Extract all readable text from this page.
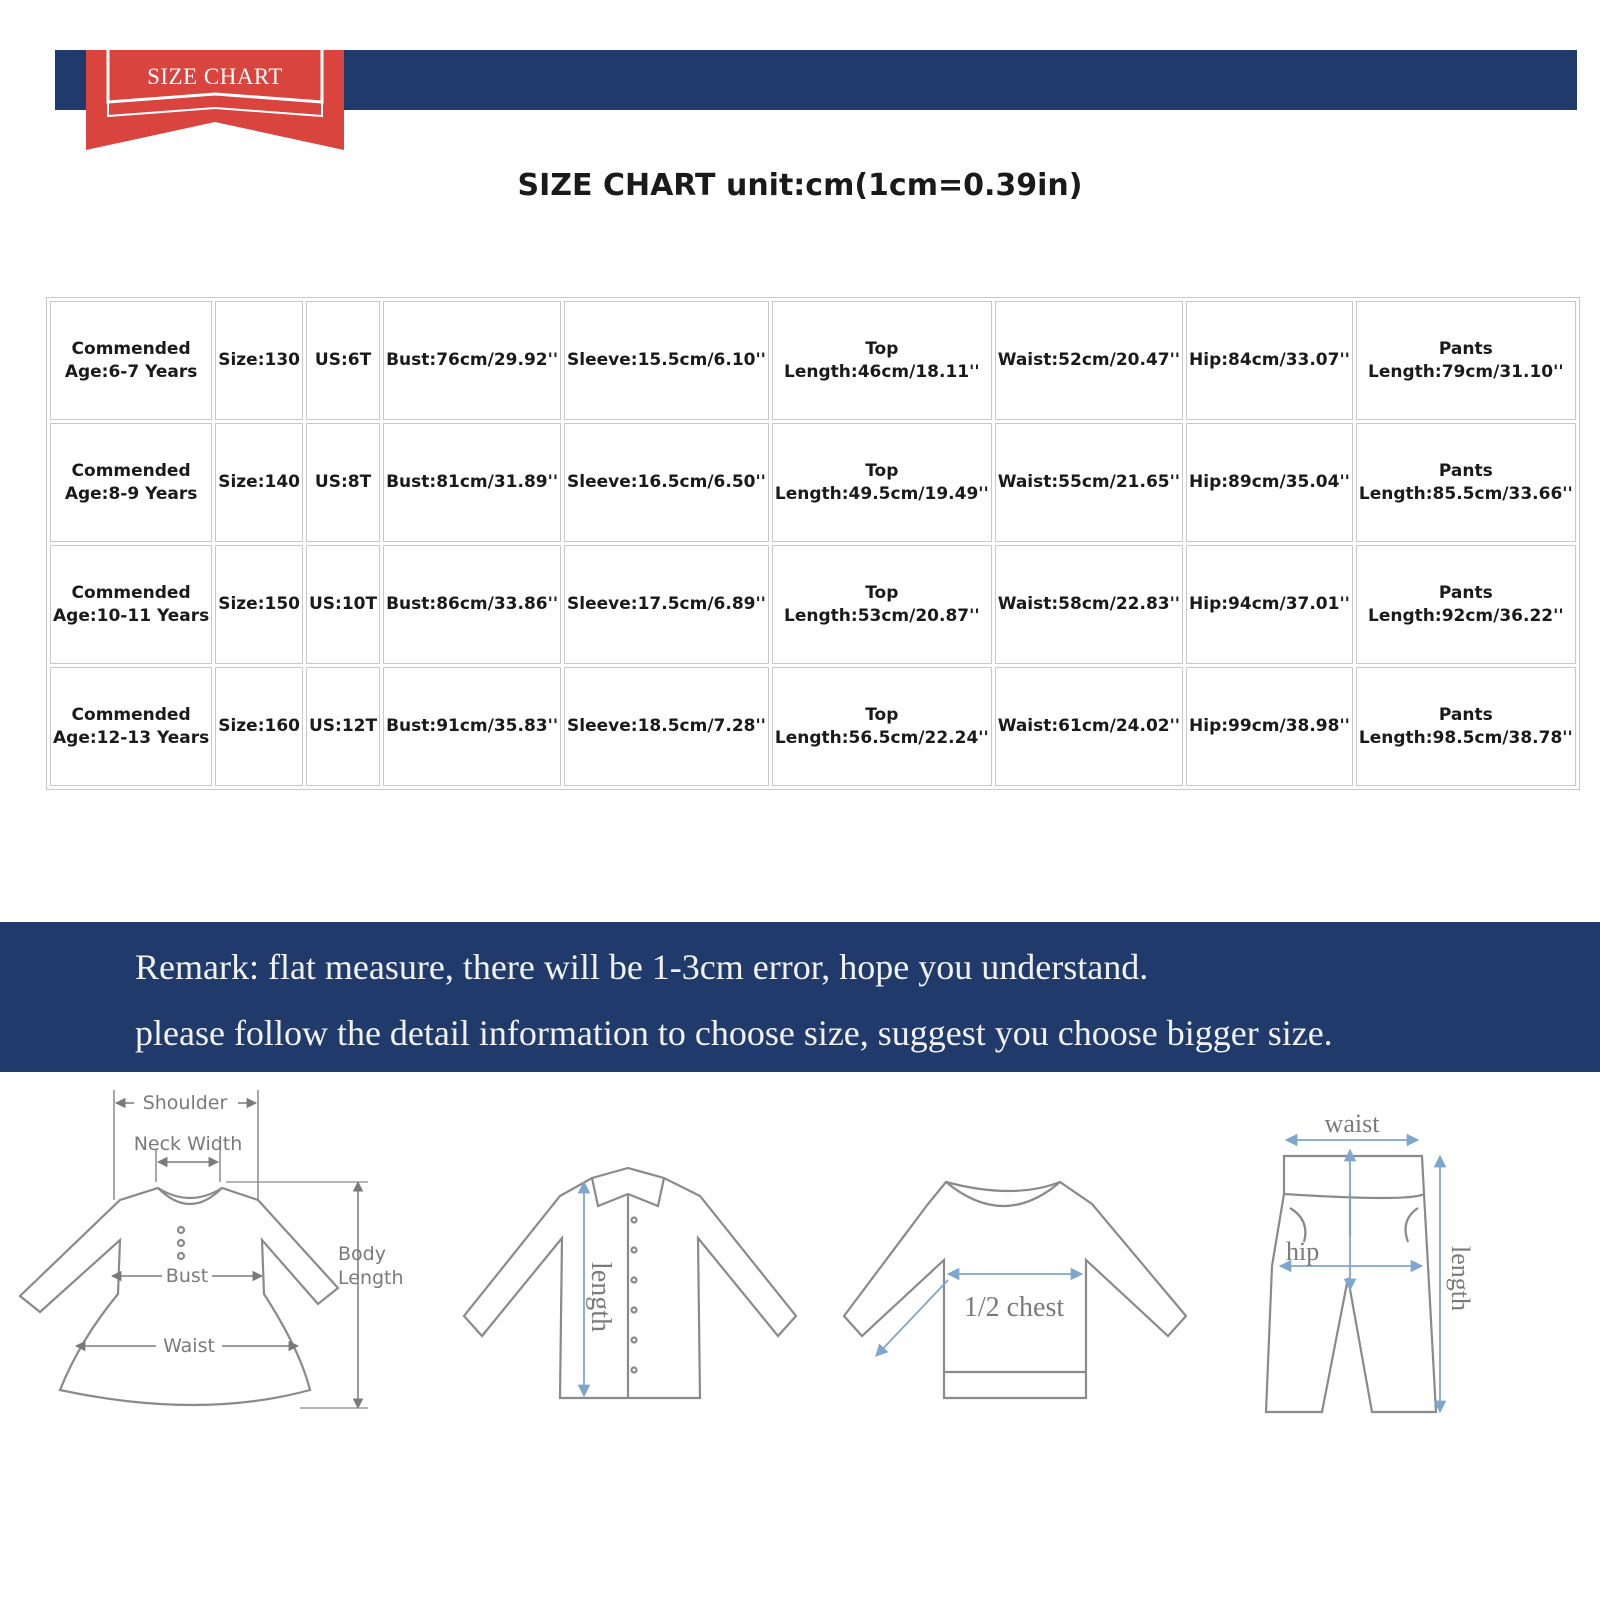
SIZE CHART
SIZE CHART unit:cm(1cm=0.39in)
Commended
Age:6-7 Years	Size:130	US:6T	Bust:76cm/29.92''	Sleeve:15.5cm/6.10''	Top
Length:46cm/18.11''	Waist:52cm/20.47''	Hip:84cm/33.07''	Pants
Length:79cm/31.10''
Commended
Age:8-9 Years	Size:140	US:8T	Bust:81cm/31.89''	Sleeve:16.5cm/6.50''	Top
Length:49.5cm/19.49''	Waist:55cm/21.65''	Hip:89cm/35.04''	Pants
Length:85.5cm/33.66''
Commended
Age:10-11 Years	Size:150	US:10T	Bust:86cm/33.86''	Sleeve:17.5cm/6.89''	Top
Length:53cm/20.87''	Waist:58cm/22.83''	Hip:94cm/37.01''	Pants
Length:92cm/36.22''
Commended
Age:12-13 Years	Size:160	US:12T	Bust:91cm/35.83''	Sleeve:18.5cm/7.28''	Top
Length:56.5cm/22.24''	Waist:61cm/24.02''	Hip:99cm/38.98''	Pants
Length:98.5cm/38.78''
Remark: flat measure, there will be 1-3cm error, hope you understand.
please follow the detail information to choose size, suggest you choose bigger size.
Shoulder
Neck Width
Body
Length
Bust
Waist
length	1/2 chest
waist
hip	length
